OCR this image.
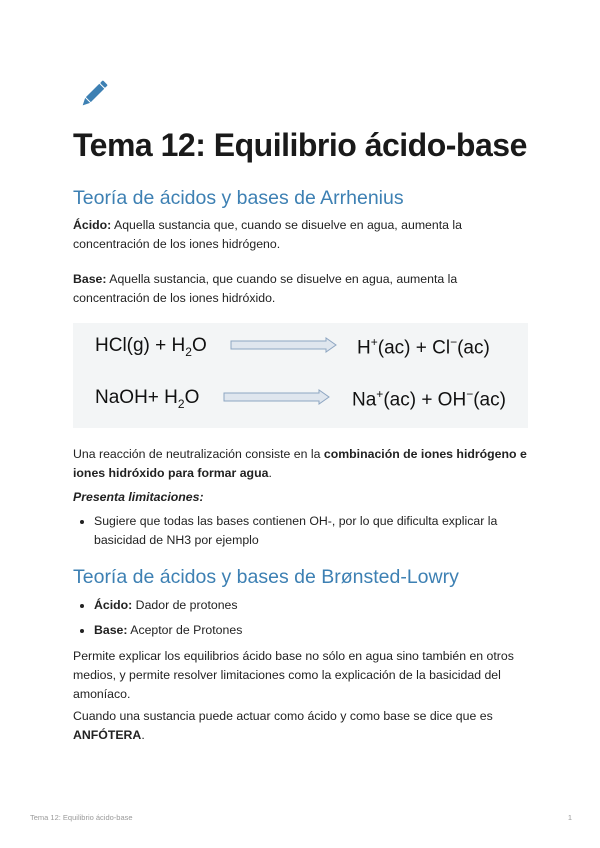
Tema 12: Equilibrio ácido-base
Teoría de ácidos y bases de Arrhenius

Ácido: Aquella sustancia que, cuando se disuelve en agua, aumenta la concentración de los iones hidrógeno.

Base: Aquella sustancia, que cuando se disuelve en agua, aumenta la concentración de los iones hidróxido.

$HCl(g) + H_2O$	H+(ac) + Cl−(ac)
NaOH+ $H_2O$	Na+(ac) + OH−(ac)

Una reacción de neutralización consiste en la combinación de iones hidrógeno e iones hidróxido para formar agua.

Presenta limitaciones:

Sugiere que todas las bases contienen OH-, por lo que dificulta explicar la basicidad de NH3 por ejemplo
Teoría de ácidos y bases de Brønsted-Lowry
Ácido: Dador de protones
Base: Aceptor de Protones

Permite explicar los equilibrios ácido base no sólo en agua sino también en otros medios, y permite resolver limitaciones como la explicación de la basicidad del amoníaco.

Cuando una sustancia puede actuar como ácido y como base se dice que es ANFÓTERA.

Tema 12: Equilibrio ácido-base	1
